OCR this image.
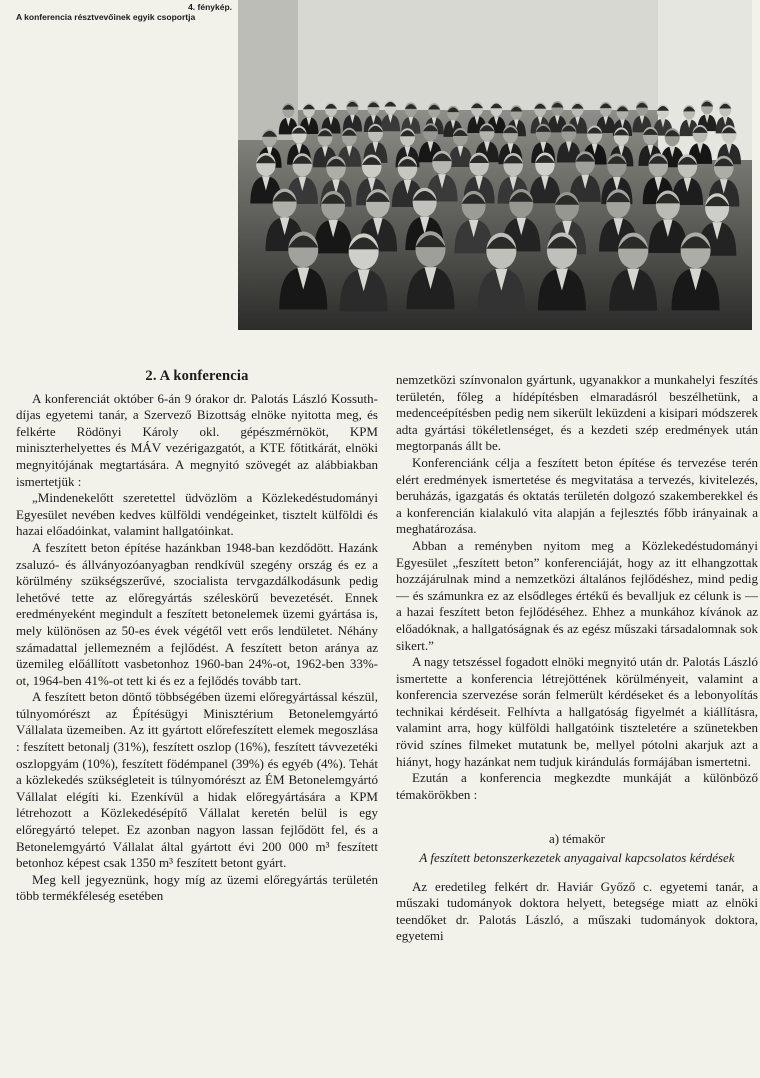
4. fénykép.
A konferencia résztvevőinek egyik csoportja
2. A konferencia

A konferenciát október 6-án 9 órakor dr. Palotás László Kossuth-díjas egyetemi tanár, a Szervező Bizottság elnöke nyitotta meg, és felkérte Rödönyi Károly okl. gépészmérnököt, KPM miniszterhelyettes és MÁV vezérigazgatót, a KTE főtitkárát, elnöki megnyitójának megtartására. A megnyitó szövegét az alábbiakban ismertetjük :

„Mindenekelőtt szeretettel üdvözlöm a Közlekedéstudományi Egyesület nevében kedves külföldi vendégeinket, tisztelt külföldi és hazai előadóinkat, valamint hallgatóinkat.

A feszített beton építése hazánkban 1948-ban kezdődött. Hazánk zsaluzó- és állványozóanyagban rendkívül szegény ország és ez a körülmény szükségszerűvé, szocialista tervgazdálkodásunk pedig lehetővé tette az előregyártás széleskörű bevezetését. Ennek eredményeként megindult a feszített betonelemek üzemi gyártása is, mely különösen az 50-es évek végétől vett erős lendületet. Néhány számadattal jellemezném a fejlődést. A feszített beton aránya az üzemileg előállított vasbetonhoz 1960-ban 24%-ot, 1962-ben 33%-ot, 1964-ben 41%-ot tett ki és ez a fejlődés tovább tart.

A feszített beton döntő többségében üzemi előregyártással készül, túlnyomórészt az Építésügyi Minisztérium Betonelemgyártó Vállalata üzemeiben. Az itt gyártott előrefeszített elemek megoszlása : feszített betonalj (31%), feszített oszlop (16%), feszített távvezetéki oszlopgyám (10%), feszített födémpanel (39%) és egyéb (4%). Tehát a közlekedés szükségleteit is túlnyomórészt az ÉM Betonelemgyártó Vállalat elégíti ki. Ezenkívül a hidak előregyártására a KPM létrehozott a Közlekedésépítő Vállalat keretén belül is egy előregyártó telepet. Ez azonban nagyon lassan fejlődött fel, és a Betonelemgyártó Vállalat által gyártott évi 200 000 m³ feszített betonhoz képest csak 1350 m³ feszített betont gyárt.

Meg kell jegyeznünk, hogy míg az üzemi előregyártás területén több termékféleség esetében

nemzetközi színvonalon gyártunk, ugyanakkor a munkahelyi feszítés területén, főleg a hídépítésben elmaradásról beszélhetünk, a medenceépítésben pedig nem sikerült leküzdeni a kisipari módszerek adta gyártási tökéletlenséget, és a kezdeti szép eredmények után megtorpanás állt be.

Konferenciánk célja a feszített beton építése és tervezése terén elért eredmények ismertetése és megvitatása a tervezés, kivitelezés, beruházás, igazgatás és oktatás területén dolgozó szakemberekkel és a konferencián kialakuló vita alapján a fejlesztés főbb irányainak a meghatározása.

Abban a reményben nyitom meg a Közlekedéstudományi Egyesület „feszített beton” konferenciáját, hogy az itt elhangzottak hozzájárulnak mind a nemzetközi általános fejlődéshez, mind pedig — és számunkra ez az elsődleges értékű és bevalljuk ez célunk is — a hazai feszített beton fejlődéséhez. Ehhez a munkához kívánok az előadóknak, a hallgatóságnak és az egész műszaki társadalomnak sok sikert.”

A nagy tetszéssel fogadott elnöki megnyitó után dr. Palotás László ismertette a konferencia létrejöttének körülményeit, valamint a konferencia szervezése során felmerült kérdéseket és a lebonyolítás technikai kérdéseit. Felhívta a hallgatóság figyelmét a kiállításra, valamint arra, hogy külföldi hallgatóink tiszteletére a szünetekben rövid színes filmeket mutatunk be, mellyel pótolni akarjuk azt a hiányt, hogy hazánkat nem tudjuk kirándulás formájában ismertetni.

Ezután a konferencia megkezdte munkáját a különböző témakörökben :

a) témakör
A feszített betonszerkezetek anyagaival kapcsolatos kérdések

Az eredetileg felkért dr. Haviár Győző c. egyetemi tanár, a műszaki tudományok doktora helyett, betegsége miatt az elnöki teendőket dr. Palotás László, a műszaki tudományok doktora, egyetemi
